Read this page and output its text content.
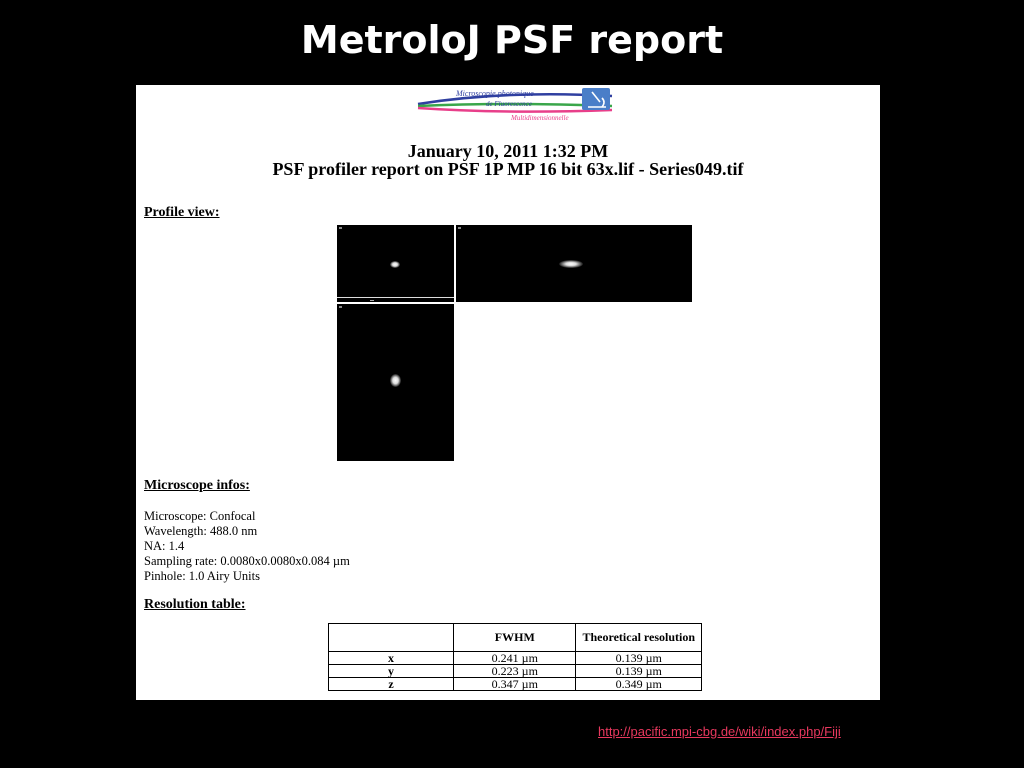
MetroloJ PSF report
Microscopie photonique
de Fluorescence
Multidimensionnelle
January 10, 2011 1:32 PM
PSF profiler report on PSF 1P MP 16 bit 63x.lif - Series049.tif
Profile view:
Microscope infos:
Microscope: Confocal
Wavelength: 488.0 nm
NA: 1.4
Sampling rate: 0.0080x0.0080x0.084 µm
Pinhole: 1.0 Airy Units
Resolution table:
	FWHM	Theoretical resolution
x	0.241 µm	0.139 µm
y	0.223 µm	0.139 µm
z	0.347 µm	0.349 µm
http://pacific.mpi-cbg.de/wiki/index.php/Fiji
